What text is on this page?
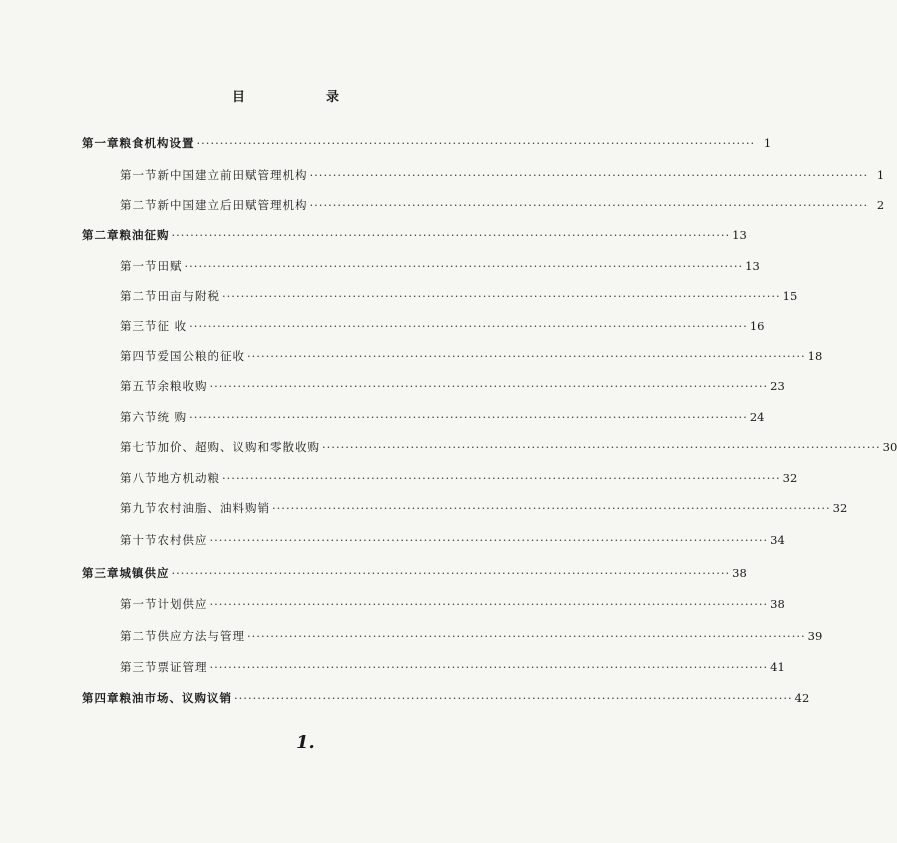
目	录
第一章 粮食机构设置 ························································································································ 1
第一节 新中国建立前田赋管理机构 ························································································································ 1
第二节 新中国建立后田赋管理机构 ························································································································ 2
第二章 粮油征购 ························································································································ 13
第一节 田赋 ························································································································ 13
第二节 田亩与附税 ························································································································ 15
第三节 征 收 ························································································································ 16
第四节 爱国公粮的征收 ························································································································ 18
第五节 余粮收购 ························································································································ 23
第六节 统 购 ························································································································ 24
第七节 加价、超购、议购和零散收购 ························································································································ 30
第八节 地方机动粮 ························································································································ 32
第九节 农村油脂、油料购销 ························································································································ 32
第十节 农村供应 ························································································································ 34
第三章 城镇供应 ························································································································ 38
第一节 计划供应 ························································································································ 38
第二节 供应方法与管理 ························································································································ 39
第三节 票证管理 ························································································································ 41
第四章 粮油市场、议购议销 ························································································································ 42
1.
